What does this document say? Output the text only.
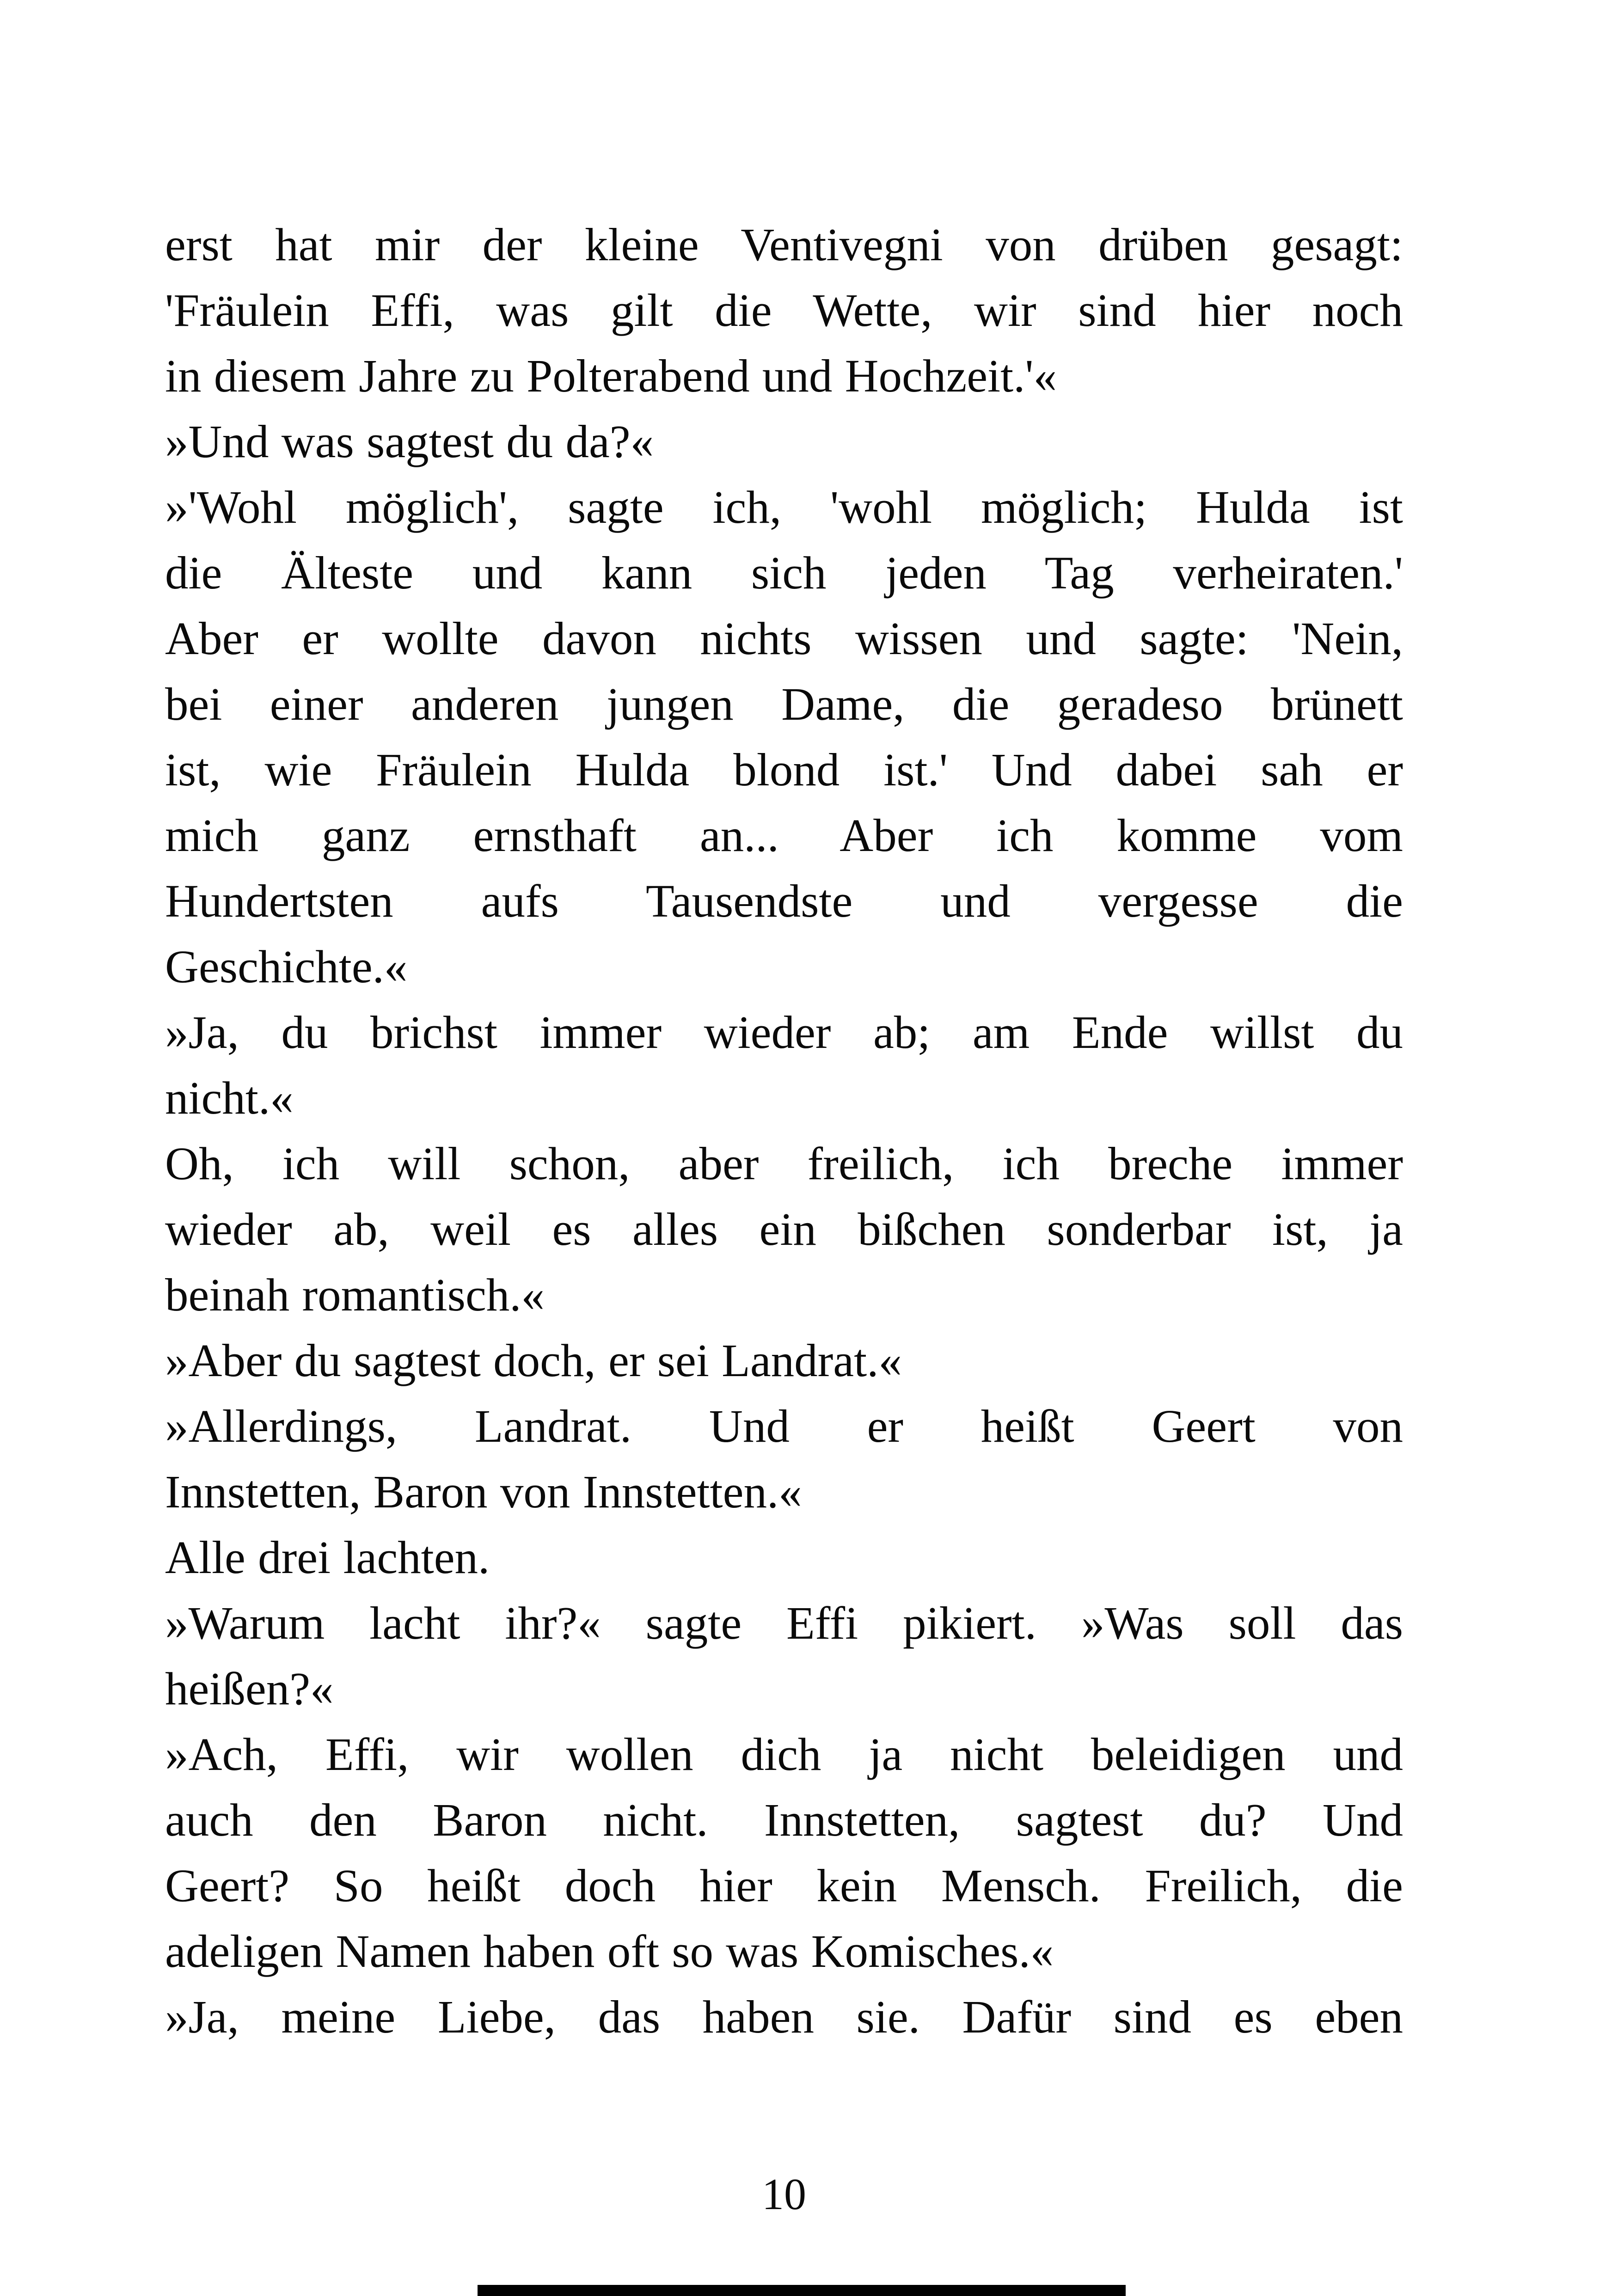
erst hat mir der kleine Ventivegni von drüben gesagt:
'Fräulein Effi, was gilt die Wette, wir sind hier noch
in diesem Jahre zu Polterabend und Hochzeit.'«
»Und was sagtest du da?«
»'Wohl möglich', sagte ich, 'wohl möglich; Hulda ist
die Älteste und kann sich jeden Tag verheiraten.'
Aber er wollte davon nichts wissen und sagte: 'Nein,
bei einer anderen jungen Dame, die geradeso brünett
ist, wie Fräulein Hulda blond ist.' Und dabei sah er
mich ganz ernsthaft an... Aber ich komme vom
Hundertsten aufs Tausendste und vergesse die
Geschichte.«
»Ja, du brichst immer wieder ab; am Ende willst du
nicht.«
Oh, ich will schon, aber freilich, ich breche immer
wieder ab, weil es alles ein bißchen sonderbar ist, ja
beinah romantisch.«
»Aber du sagtest doch, er sei Landrat.«
»Allerdings, Landrat. Und er heißt Geert von
Innstetten, Baron von Innstetten.«
Alle drei lachten.
»Warum lacht ihr?« sagte Effi pikiert. »Was soll das
heißen?«
»Ach, Effi, wir wollen dich ja nicht beleidigen und
auch den Baron nicht. Innstetten, sagtest du? Und
Geert? So heißt doch hier kein Mensch. Freilich, die
adeligen Namen haben oft so was Komisches.«
»Ja, meine Liebe, das haben sie. Dafür sind es eben
10
